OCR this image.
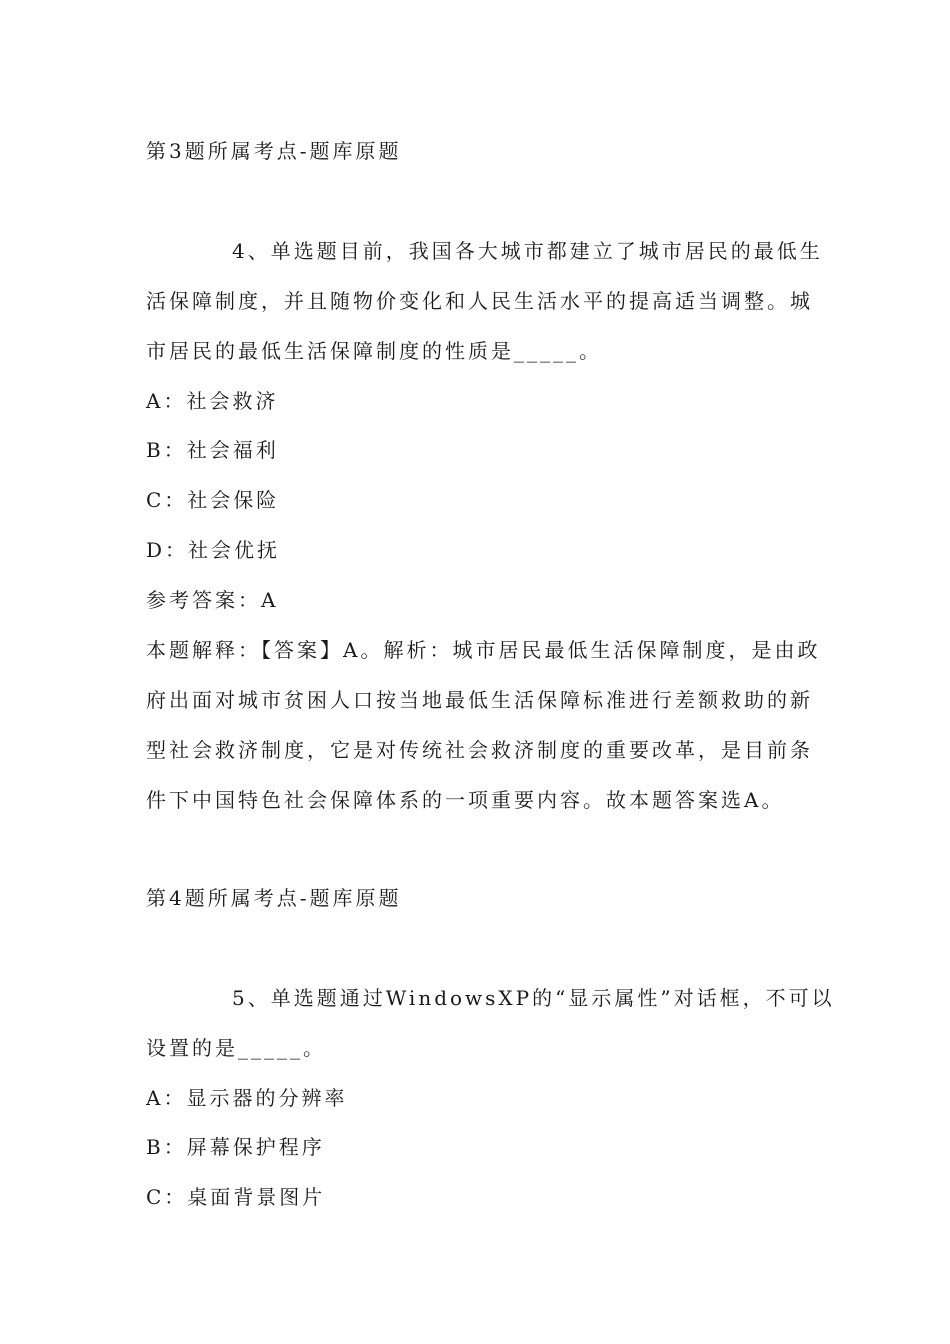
第3题所属考点-题库原题
4、单选题目前，我国各大城市都建立了城市居民的最低生
活保障制度，并且随物价变化和人民生活水平的提高适当调整。城
市居民的最低生活保障制度的性质是_____。
A：社会救济
B：社会福利
C：社会保险
D：社会优抚
参考答案：A
本题解释：【答案】A。解析：城市居民最低生活保障制度，是由政
府出面对城市贫困人口按当地最低生活保障标准进行差额救助的新
型社会救济制度，它是对传统社会救济制度的重要改革，是目前条
件下中国特色社会保障体系的一项重要内容。故本题答案选A。
第4题所属考点-题库原题
5、单选题通过WindowsXP的“显示属性”对话框，不可以
设置的是_____。
A：显示器的分辨率
B：屏幕保护程序
C：桌面背景图片
